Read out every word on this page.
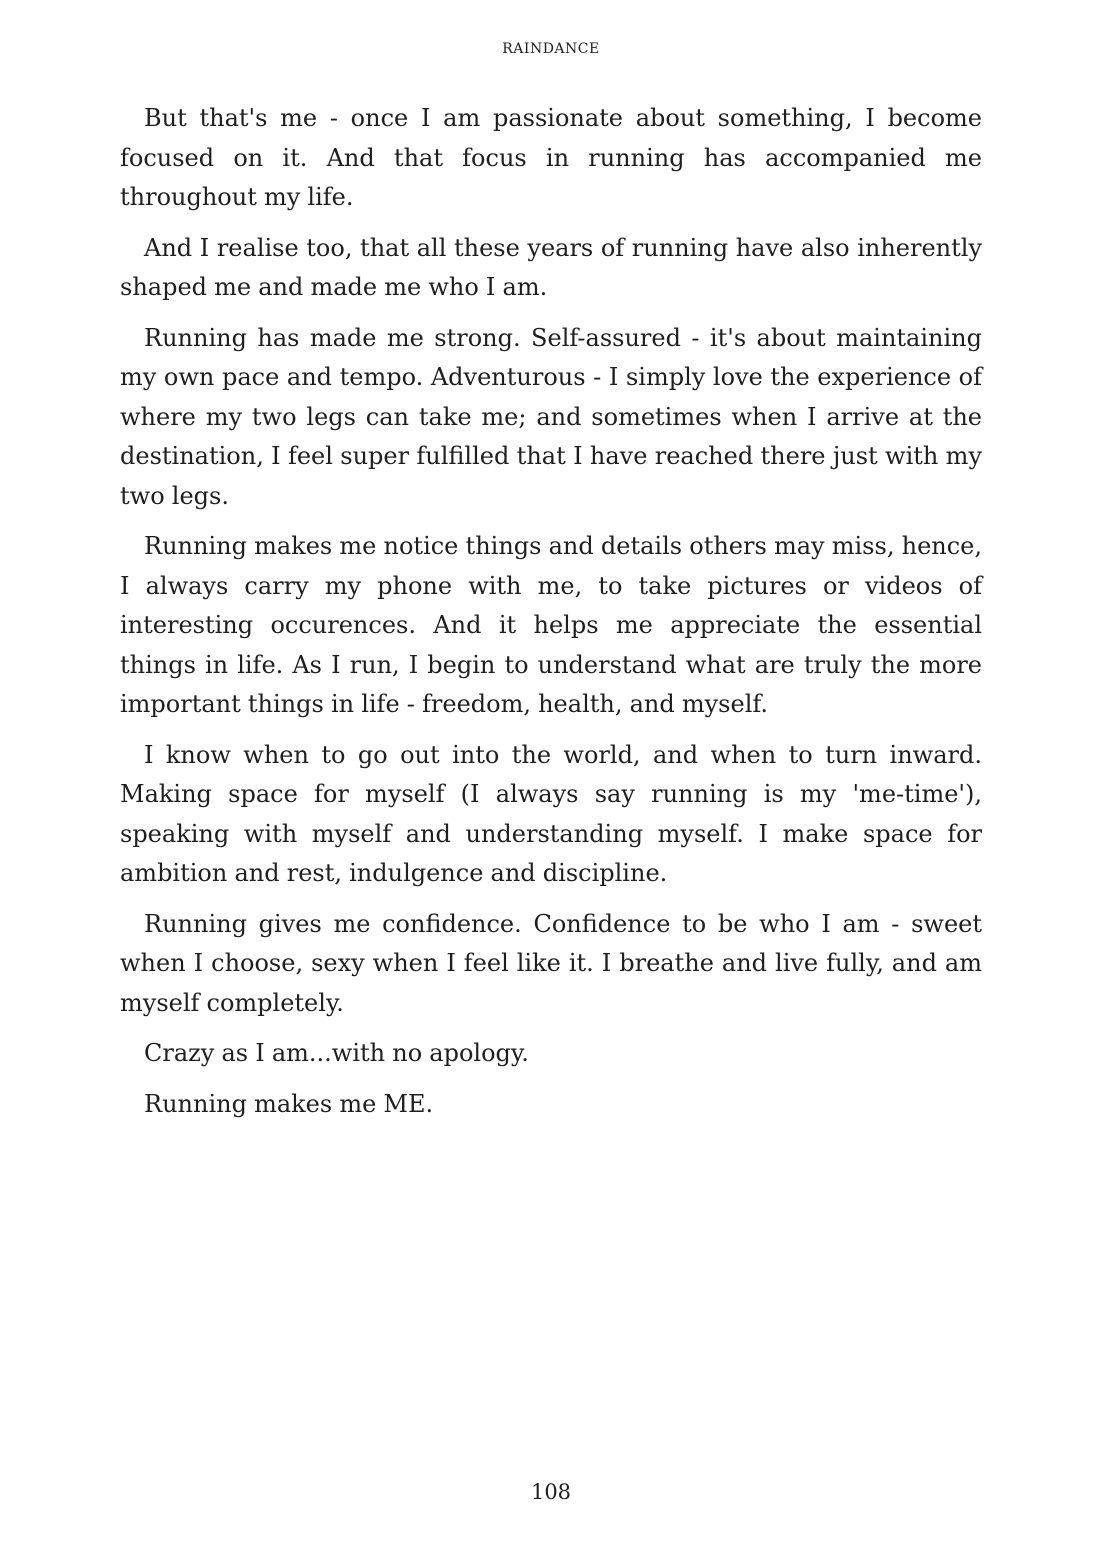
RAINDANCE

But that's me - once I am passionate about something, I become focused on it. And that focus in running has accompanied me throughout my life.

And I realise too, that all these years of running have also inherently shaped me and made me who I am.

Running has made me strong. Self-assured - it's about maintaining my own pace and tempo. Adventurous - I simply love the experience of where my two legs can take me; and sometimes when I arrive at the destination, I feel super fulfilled that I have reached there just with my two legs.

Running makes me notice things and details others may miss, hence, I always carry my phone with me, to take pictures or videos of interesting occurences. And it helps me appreciate the essential things in life. As I run, I begin to understand what are truly the more important things in life - freedom, health, and myself.

I know when to go out into the world, and when to turn inward. Making space for myself (I always say running is my 'me-time'), speaking with myself and understanding myself. I make space for ambition and rest, indulgence and discipline.

Running gives me confidence. Confidence to be who I am - sweet when I choose, sexy when I feel like it. I breathe and live fully, and am myself completely.

Crazy as I am...with no apology.

Running makes me ME.

108
